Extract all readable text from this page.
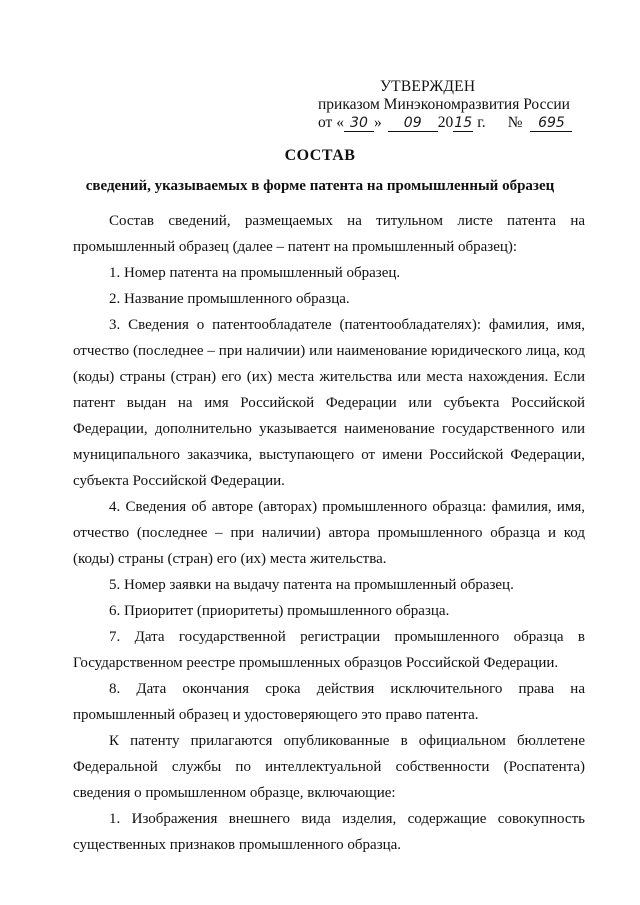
УТВЕРЖДЕН
приказом Минэкономразвития России
от « 30 »	09	20 15 г. №	695
СОСТАВ
сведений, указываемых в форме патента на промышленный образец

Состав сведений, размещаемых на титульном листе патента на промышленный образец (далее – патент на промышленный образец):

1. Номер патента на промышленный образец.

2. Название промышленного образца.

3. Сведения о патентообладателе (патентообладателях): фамилия, имя, отчество (последнее – при наличии) или наименование юридического лица, код (коды) страны (стран) его (их) места жительства или места нахождения. Если патент выдан на имя Российской Федерации или субъекта Российской Федерации, дополнительно указывается наименование государственного или муниципального заказчика, выступающего от имени Российской Федерации, субъекта Российской Федерации.

4. Сведения об авторе (авторах) промышленного образца: фамилия, имя, отчество (последнее – при наличии) автора промышленного образца и код (коды) страны (стран) его (их) места жительства.

5. Номер заявки на выдачу патента на промышленный образец.

6. Приоритет (приоритеты) промышленного образца.

7. Дата государственной регистрации промышленного образца в Государственном реестре промышленных образцов Российской Федерации.

8. Дата окончания срока действия исключительного права на промышленный образец и удостоверяющего это право патента.

К патенту прилагаются опубликованные в официальном бюллетене Федеральной службы по интеллектуальной собственности (Роспатента) сведения о промышленном образце, включающие:

1. Изображения внешнего вида изделия, содержащие совокупность существенных признаков промышленного образца.
